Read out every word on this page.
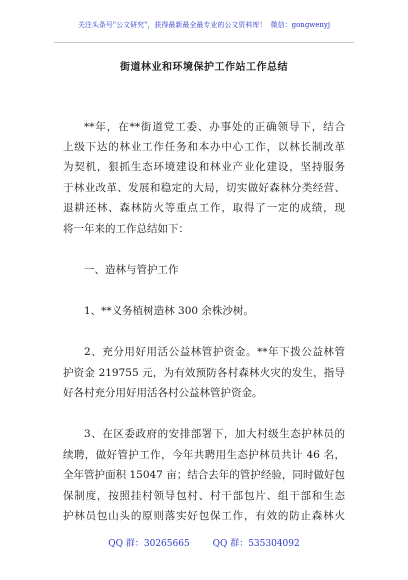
关注头条号"公文研究"，获得最新最全最专业的公文资料库！ 微信：gongwenyj
街道林业和环境保护工作站工作总结
**年，在**街道党工委、办事处的正确领导下，结合
上级下达的林业工作任务和本办中心工作，以林长制改革
为契机，狠抓生态环境建设和林业产业化建设，坚持服务
于林业改革、发展和稳定的大局，切实做好森林分类经营、
退耕还林、森林防火等重点工作，取得了一定的成绩，现
将一年来的工作总结如下：
一、造林与管护工作
1、**义务植树造林 300 余株沙树。
2、充分用好用活公益林管护资金。**年下拨公益林管
护资金 219755 元，为有效预防各村森林火灾的发生，指导
好各村充分用好用活各村公益林管护资金。
3、在区委政府的安排部署下，加大村级生态护林员的
续聘，做好管护工作，今年共聘用生态护林员共计 46 名，
全年管护面积 15047 亩；结合去年的管护经验，同时做好包
保制度，按照挂村领导包村、村干部包片、组干部和生态
护林员包山头的原则落实好包保工作，有效的防止森林火
QQ 群：30265665	QQ 群：535304092
